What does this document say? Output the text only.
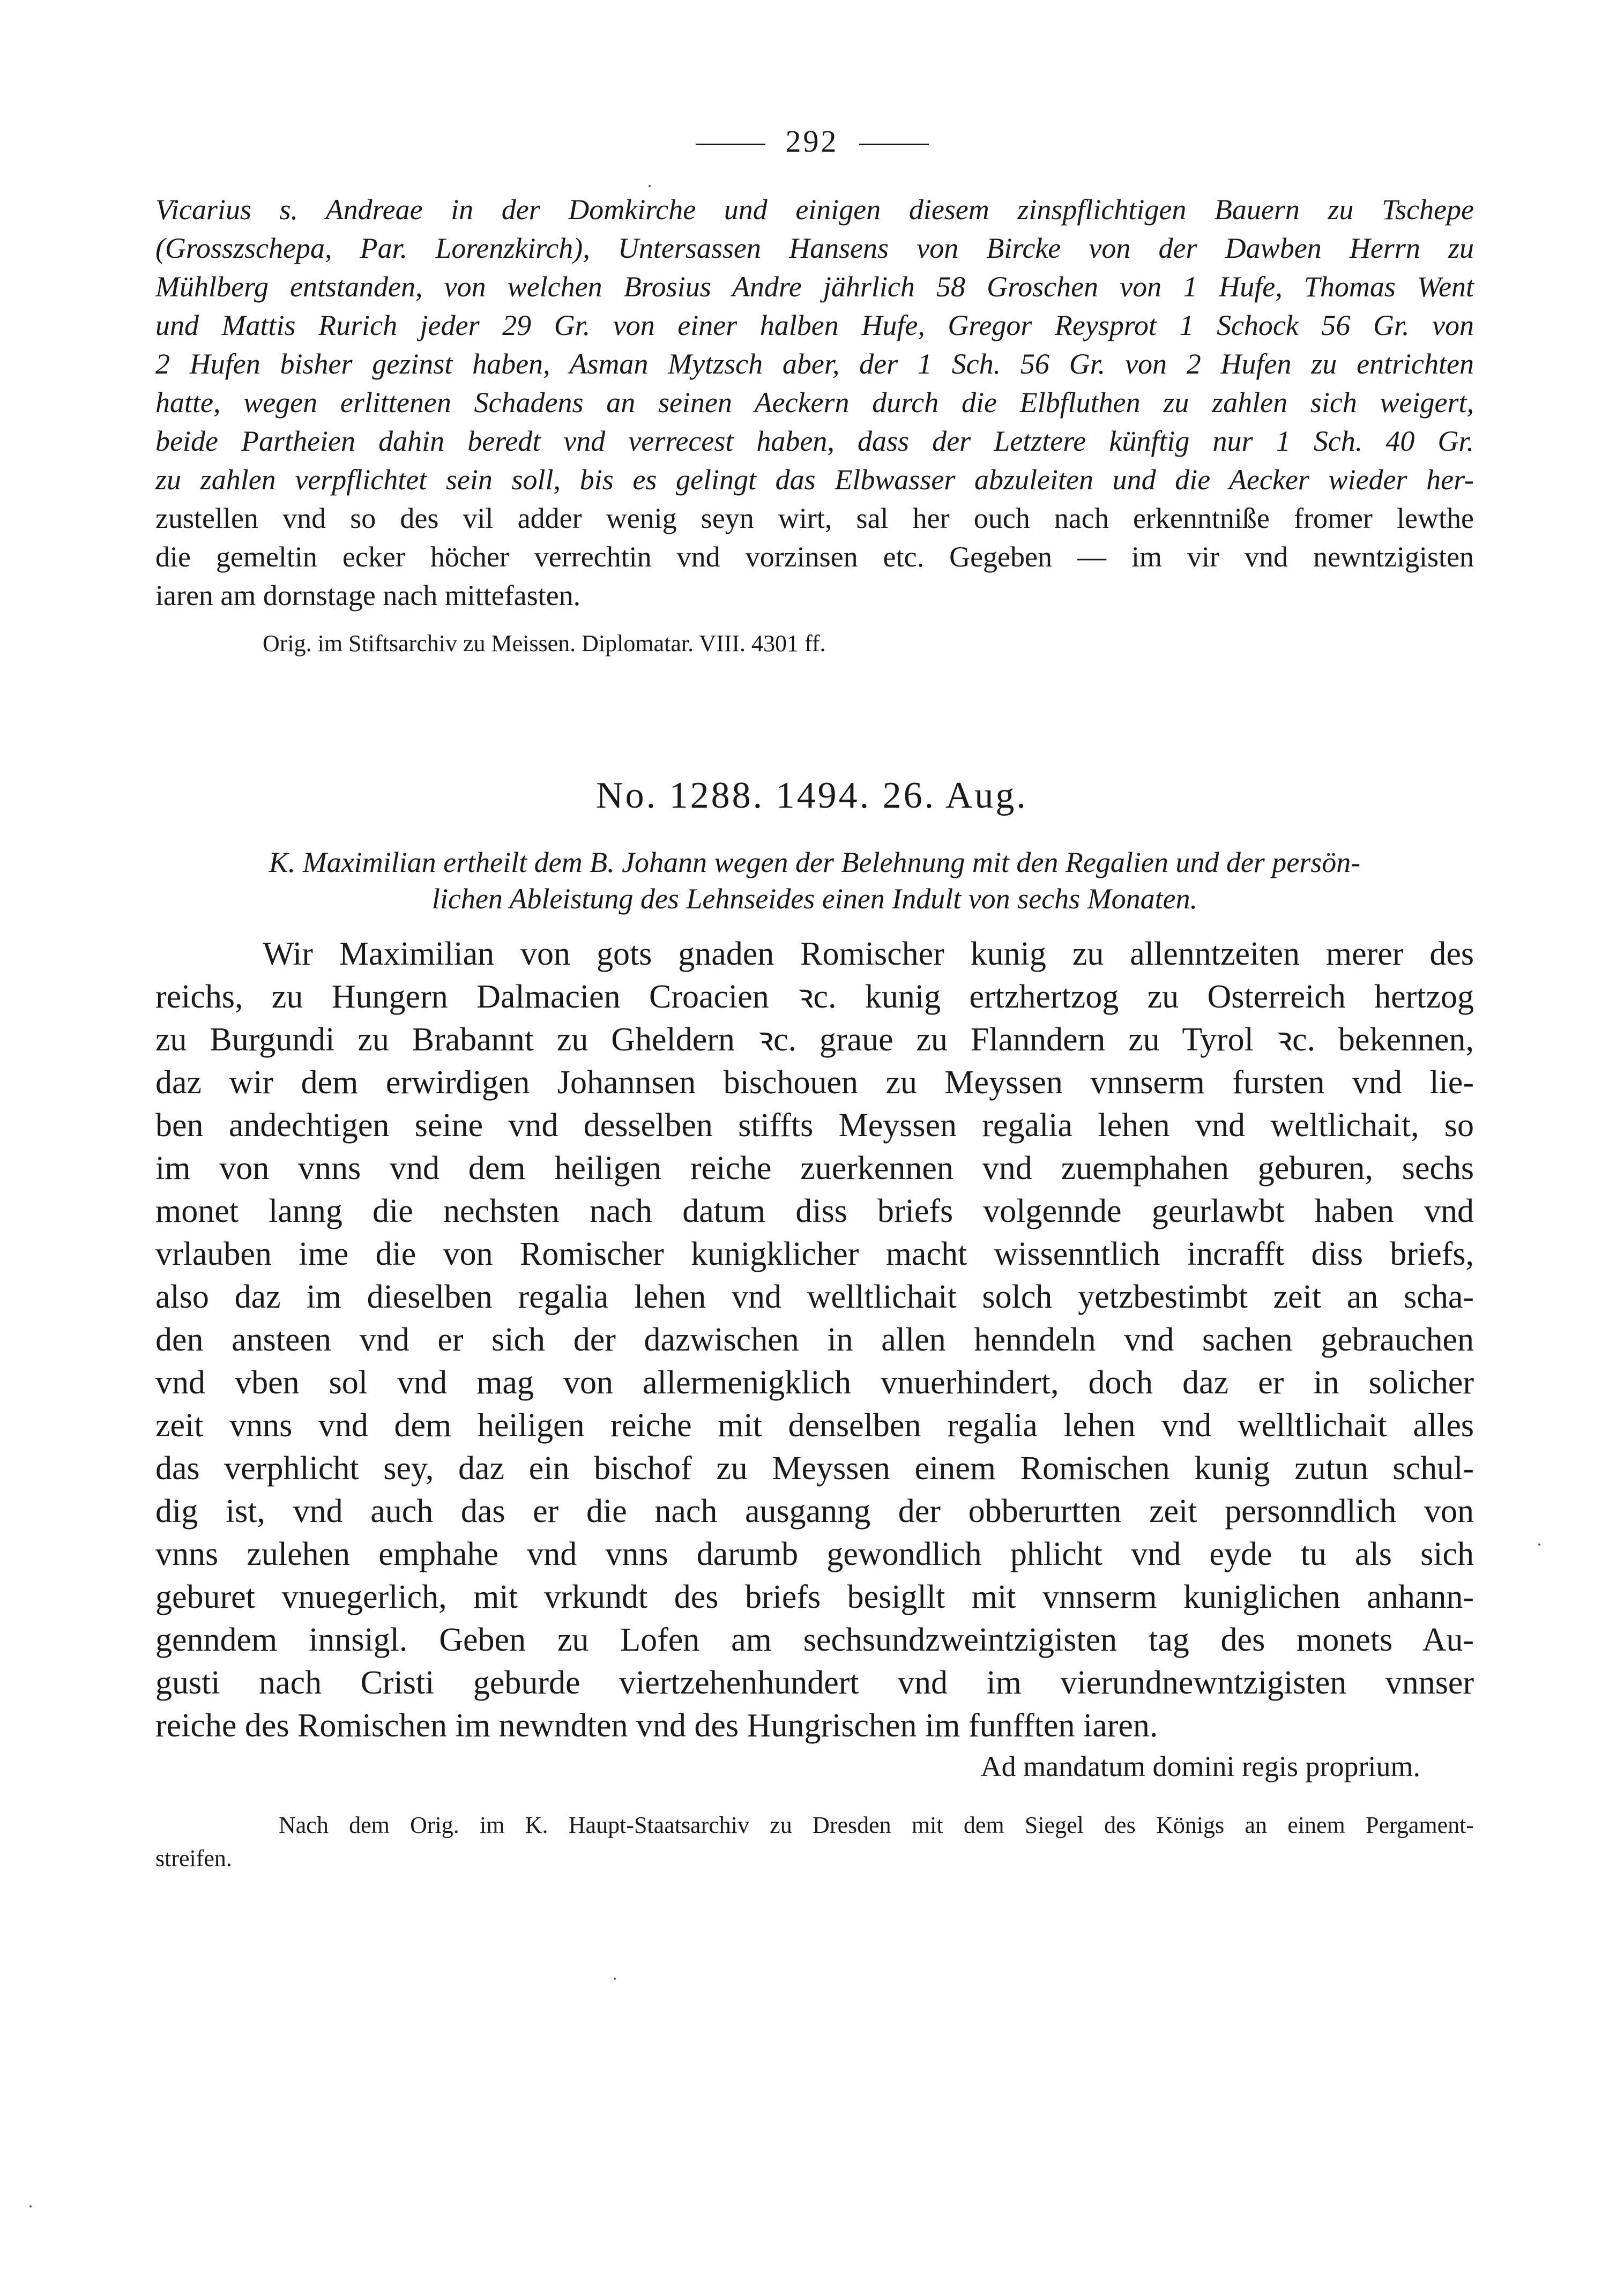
292
Vicarius s. Andreae in der Domkirche und einigen diesem zinspflichtigen Bauern zu Tschepe
(Grosszschepa, Par. Lorenzkirch), Untersassen Hansens von Bircke von der Dawben Herrn zu
Mühlberg entstanden, von welchen Brosius Andre jährlich 58 Groschen von 1 Hufe, Thomas Went
und Mattis Rurich jeder 29 Gr. von einer halben Hufe, Gregor Reysprot 1 Schock 56 Gr. von
2 Hufen bisher gezinst haben, Asman Mytzsch aber, der 1 Sch. 56 Gr. von 2 Hufen zu entrichten
hatte, wegen erlittenen Schadens an seinen Aeckern durch die Elbfluthen zu zahlen sich weigert,
beide Partheien dahin beredt vnd verrecest haben, dass der Letztere künftig nur 1 Sch. 40 Gr.
zu zahlen verpflichtet sein soll, bis es gelingt das Elbwasser abzuleiten und die Aecker wieder her-
zustellen vnd so des vil adder wenig seyn wirt, sal her ouch nach erkenntniße fromer lewthe
die gemeltin ecker höcher verrechtin vnd vorzinsen etc. Gegeben — im vir vnd newntzigisten
iaren am dornstage nach mittefasten.
Orig. im Stiftsarchiv zu Meissen. Diplomatar. VIII. 4301 ff.
No. 1288. 1494. 26. Aug.
K. Maximilian ertheilt dem B. Johann wegen der Belehnung mit den Regalien und der persön-
lichen Ableistung des Lehnseides einen Indult von sechs Monaten.
Wir Maximilian von gots gnaden Romischer kunig zu allenntzeiten merer des
reichs, zu Hungern Dalmacien Croacien ꝛc. kunig ertzhertzog zu Osterreich hertzog
zu Burgundi zu Brabannt zu Gheldern ꝛc. graue zu Flanndern zu Tyrol ꝛc. bekennen,
daz wir dem erwirdigen Johannsen bischouen zu Meyssen vnnserm fursten vnd lie-
ben andechtigen seine vnd desselben stiffts Meyssen regalia lehen vnd weltlichait, so
im von vnns vnd dem heiligen reiche zuerkennen vnd zuemphahen geburen, sechs
monet lanng die nechsten nach datum diss briefs volgennde geurlawbt haben vnd
vrlauben ime die von Romischer kunigklicher macht wissenntlich incrafft diss briefs,
also daz im dieselben regalia lehen vnd welltlichait solch yetzbestimbt zeit an scha-
den ansteen vnd er sich der dazwischen in allen henndeln vnd sachen gebrauchen
vnd vben sol vnd mag von allermenigklich vnuerhindert, doch daz er in solicher
zeit vnns vnd dem heiligen reiche mit denselben regalia lehen vnd welltlichait alles
das verphlicht sey, daz ein bischof zu Meyssen einem Romischen kunig zutun schul-
dig ist, vnd auch das er die nach ausganng der obberurtten zeit personndlich von
vnns zulehen emphahe vnd vnns darumb gewondlich phlicht vnd eyde tu als sich
geburet vnuegerlich, mit vrkundt des briefs besigllt mit vnnserm kuniglichen anhann-
genndem innsigl. Geben zu Lofen am sechsundzweintzigisten tag des monets Au-
gusti nach Cristi geburde viertzehenhundert vnd im vierundnewntzigisten vnnser
reiche des Romischen im newndten vnd des Hungrischen im funfften iaren.
Ad mandatum domini regis proprium.
Nach dem Orig. im K. Haupt-Staatsarchiv zu Dresden mit dem Siegel des Königs an einem Pergament-
streifen.
